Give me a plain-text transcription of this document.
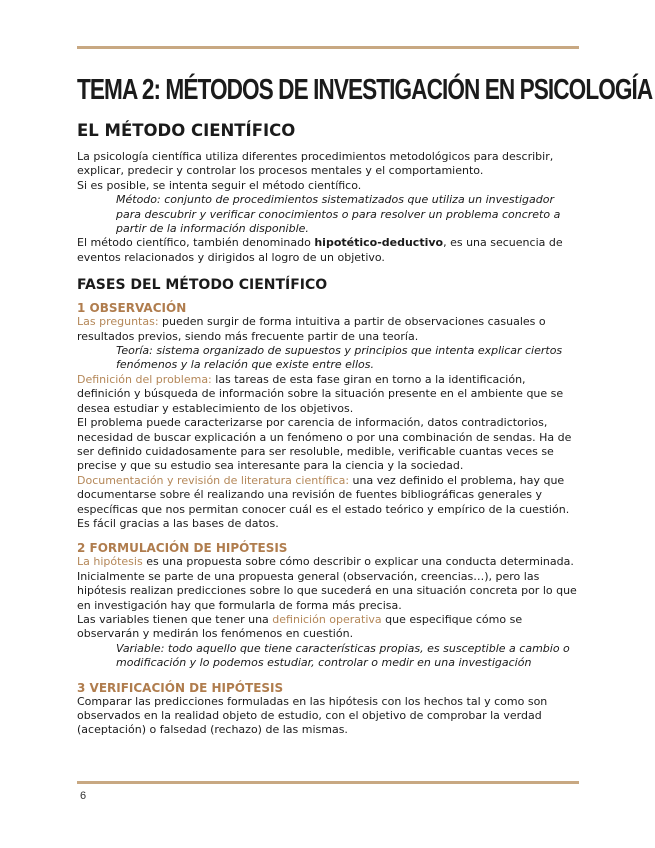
TEMA 2: MÉTODOS DE INVESTIGACIÓN EN PSICOLOGÍA
EL MÉTODO CIENTÍFICO

La psicología científica utiliza diferentes procedimientos metodológicos para describir, explicar, predecir y controlar los procesos mentales y el comportamiento.

Si es posible, se intenta seguir el método científico.

Método: conjunto de procedimientos sistematizados que utiliza un investigador para descubrir y verificar conocimientos o para resolver un problema concreto a partir de la información disponible.

El método científico, también denominado hipotético-deductivo, es una secuencia de eventos relacionados y dirigidos al logro de un objetivo.

FASES DEL MÉTODO CIENTÍFICO
1 OBSERVACIÓN

Las preguntas: pueden surgir de forma intuitiva a partir de observaciones casuales o resultados previos, siendo más frecuente partir de una teoría.

Teoría: sistema organizado de supuestos y principios que intenta explicar ciertos fenómenos y la relación que existe entre ellos.

Definición del problema: las tareas de esta fase giran en torno a la identificación, definición y búsqueda de información sobre la situación presente en el ambiente que se desea estudiar y establecimiento de los objetivos.

El problema puede caracterizarse por carencia de información, datos contradictorios, necesidad de buscar explicación a un fenómeno o por una combinación de sendas. Ha de ser definido cuidadosamente para ser resoluble, medible, verificable cuantas veces se precise y que su estudio sea interesante para la ciencia y la sociedad.

Documentación y revisión de literatura científica: una vez definido el problema, hay que documentarse sobre él realizando una revisión de fuentes bibliográficas generales y específicas que nos permitan conocer cuál es el estado teórico y empírico de la cuestión. Es fácil gracias a las bases de datos.

2 FORMULACIÓN DE HIPÓTESIS

La hipótesis es una propuesta sobre cómo describir o explicar una conducta determinada. Inicialmente se parte de una propuesta general (observación, creencias…), pero las hipótesis realizan predicciones sobre lo que sucederá en una situación concreta por lo que en investigación hay que formularla de forma más precisa.

Las variables tienen que tener una definición operativa que especifique cómo se observarán y medirán los fenómenos en cuestión.

Variable: todo aquello que tiene características propias, es susceptible a cambio o modificación y lo podemos estudiar, controlar o medir en una investigación

3 VERIFICACIÓN DE HIPÓTESIS

Comparar las predicciones formuladas en las hipótesis con los hechos tal y como son observados en la realidad objeto de estudio, con el objetivo de comprobar la verdad (aceptación) o falsedad (rechazo) de las mismas.

6
